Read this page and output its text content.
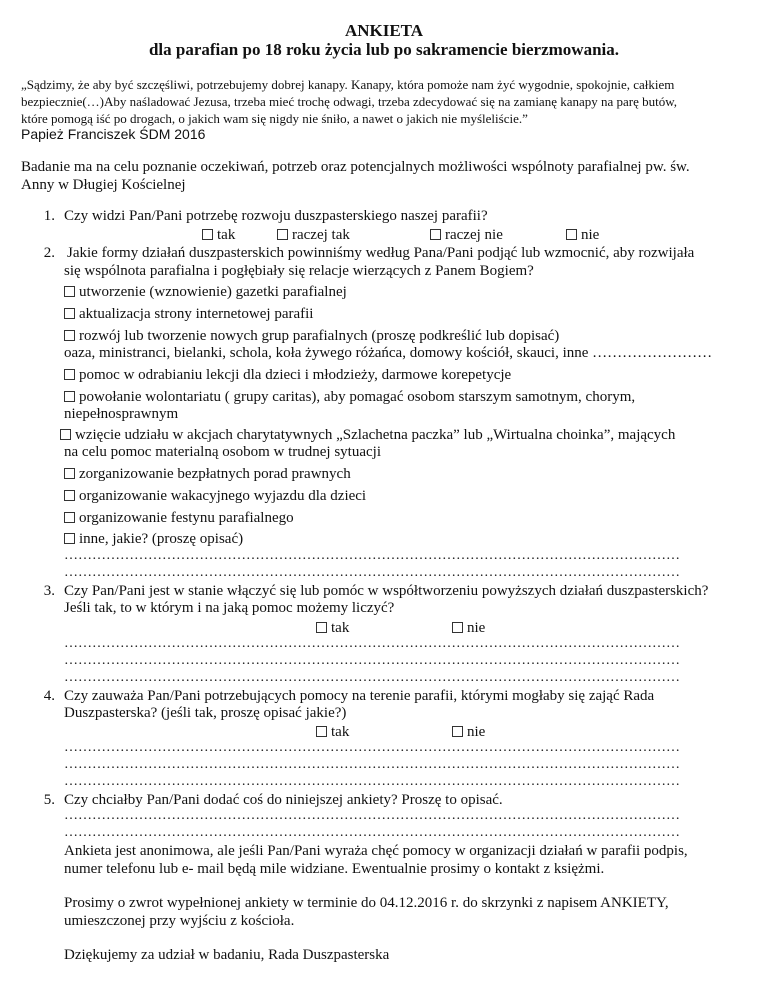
ANKIETA
dla parafian po 18 roku życia lub po sakramencie bierzmowania.
„Sądzimy, że aby być szczęśliwi, potrzebujemy dobrej kanapy. Kanapy, która pomoże nam żyć wygodnie, spokojnie, całkiem
bezpiecznie(…)Aby naśladować Jezusa, trzeba mieć trochę odwagi, trzeba zdecydować się na zamianę kanapy na parę butów,
które pomogą iść po drogach, o jakich wam się nigdy nie śniło, a nawet o jakich nie myśleliście.”
Papież Franciszek ŚDM 2016
Badanie ma na celu poznanie oczekiwań, potrzeb oraz potencjalnych możliwości wspólnoty parafialnej pw. św.
Anny w Długiej Kościelnej
1. Czy widzi Pan/Pani potrzebę rozwoju duszpasterskiego naszej parafii?
tak	raczej tak	raczej nie	nie
2. Jakie formy działań duszpasterskich powinniśmy według Pana/Pani podjąć lub wzmocnić, aby rozwijała
się wspólnota parafialna i pogłębiały się relacje wierzących z Panem Bogiem?
utworzenie (wznowienie) gazetki parafialnej
aktualizacja strony internetowej parafii
rozwój lub tworzenie nowych grup parafialnych (proszę podkreślić lub dopisać)
oaza, ministranci, bielanki, schola, koła żywego różańca, domowy kościół, skauci, inne ……………………
pomoc w odrabianiu lekcji dla dzieci i młodzieży, darmowe korepetycje
powołanie wolontariatu ( grupy caritas), aby pomagać osobom starszym samotnym, chorym,
niepełnosprawnym
wzięcie udziału w akcjach charytatywnych „Szlachetna paczka” lub „Wirtualna choinka”, mających
na celu pomoc materialną osobom w trudnej sytuacji
zorganizowanie bezpłatnych porad prawnych
organizowanie wakacyjnego wyjazdu dla dzieci
organizowanie festynu parafialnego
inne, jakie? (proszę opisać)
……………………………………………………………………………………………………………………
……………………………………………………………………………………………………………………
3. Czy Pan/Pani jest w stanie włączyć się lub pomóc w współtworzeniu powyższych działań duszpasterskich?
Jeśli tak, to w którym i na jaką pomoc możemy liczyć?
tak	nie
……………………………………………………………………………………………………………………
……………………………………………………………………………………………………………………
……………………………………………………………………………………………………………………
4. Czy zauważa Pan/Pani potrzebujących pomocy na terenie parafii, którymi mogłaby się zająć Rada
Duszpasterska? (jeśli tak, proszę opisać jakie?)
tak	nie
……………………………………………………………………………………………………………………
……………………………………………………………………………………………………………………
……………………………………………………………………………………………………………………
5. Czy chciałby Pan/Pani dodać coś do niniejszej ankiety? Proszę to opisać.
……………………………………………………………………………………………………………………
……………………………………………………………………………………………………………………
Ankieta jest anonimowa, ale jeśli Pan/Pani wyraża chęć pomocy w organizacji działań w parafii podpis,
numer telefonu lub e- mail będą mile widziane. Ewentualnie prosimy o kontakt z księżmi.
Prosimy o zwrot wypełnionej ankiety w terminie do 04.12.2016 r. do skrzynki z napisem ANKIETY,
umieszczonej przy wyjściu z kościoła.
Dziękujemy za udział w badaniu, Rada Duszpasterska
